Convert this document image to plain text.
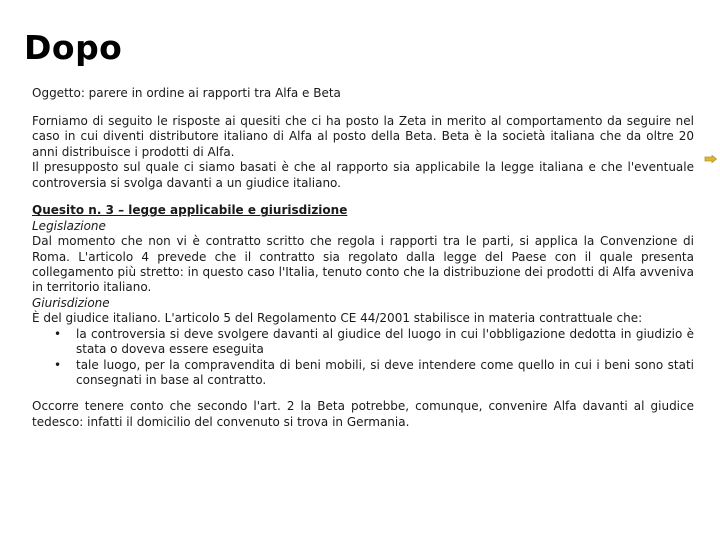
Dopo

Oggetto: parere in ordine ai rapporti tra Alfa e Beta

Forniamo di seguito le risposte ai quesiti che ci ha posto la Zeta in merito al comportamento da seguire nel caso in cui diventi distributore italiano di Alfa al posto della Beta. Beta è la società italiana che da oltre 20 anni distribuisce i prodotti di Alfa.

Il presupposto sul quale ci siamo basati è che al rapporto sia applicabile la legge italiana e che l'eventuale controversia si svolga davanti a un giudice italiano.

Quesito n. 3 – legge applicabile e giurisdizione

Legislazione

Dal momento che non vi è contratto scritto che regola i rapporti tra le parti, si applica la Convenzione di Roma. L'articolo 4 prevede che il contratto sia regolato dalla legge del Paese con il quale presenta collegamento più stretto: in questo caso l'Italia, tenuto conto che la distribuzione dei prodotti di Alfa avveniva in territorio italiano.

Giurisdizione

È del giudice italiano. L'articolo 5 del Regolamento CE 44/2001 stabilisce in materia contrattuale che:

• la controversia si deve svolgere davanti al giudice del luogo in cui l'obbligazione dedotta in giudizio è stata o doveva essere eseguita
• tale luogo, per la compravendita di beni mobili, si deve intendere come quello in cui i beni sono stati consegnati in base al contratto.

Occorre tenere conto che secondo l'art. 2 la Beta potrebbe, comunque, convenire Alfa davanti al giudice tedesco: infatti il domicilio del convenuto si trova in Germania.
